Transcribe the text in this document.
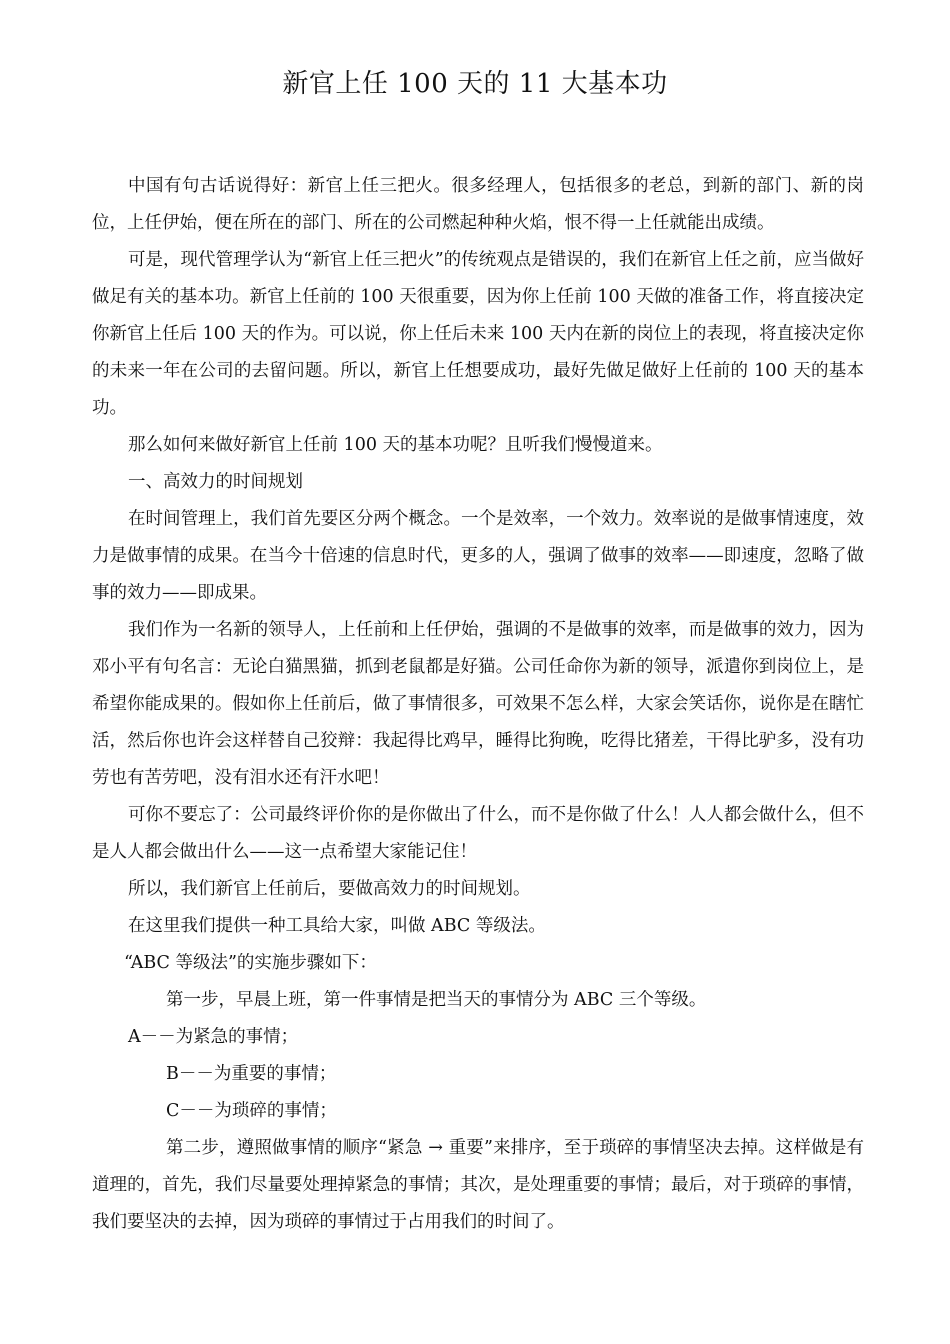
新官上任 100 天的 11 大基本功

中国有句古话说得好：新官上任三把火。很多经理人，包括很多的老总，到新的部门、新的岗位，上任伊始，便在所在的部门、所在的公司燃起种种火焰，恨不得一上任就能出成绩。

可是，现代管理学认为“新官上任三把火”的传统观点是错误的，我们在新官上任之前，应当做好做足有关的基本功。新官上任前的 100 天很重要，因为你上任前 100 天做的准备工作，将直接决定你新官上任后 100 天的作为。可以说，你上任后未来 100 天内在新的岗位上的表现，将直接决定你的未来一年在公司的去留问题。所以，新官上任想要成功，最好先做足做好上任前的 100 天的基本功。

那么如何来做好新官上任前 100 天的基本功呢？且听我们慢慢道来。

一、高效力的时间规划

在时间管理上，我们首先要区分两个概念。一个是效率，一个效力。效率说的是做事情速度，效力是做事情的成果。在当今十倍速的信息时代，更多的人，强调了做事的效率——即速度，忽略了做事的效力——即成果。

我们作为一名新的领导人，上任前和上任伊始，强调的不是做事的效率，而是做事的效力，因为邓小平有句名言：无论白猫黑猫，抓到老鼠都是好猫。公司任命你为新的领导，派遣你到岗位上，是希望你能成果的。假如你上任前后，做了事情很多，可效果不怎么样，大家会笑话你，说你是在瞎忙活，然后你也许会这样替自己狡辩：我起得比鸡早，睡得比狗晚，吃得比猪差，干得比驴多，没有功劳也有苦劳吧，没有泪水还有汗水吧！

可你不要忘了：公司最终评价你的是你做出了什么，而不是你做了什么！人人都会做什么，但不是人人都会做出什么——这一点希望大家能记住！

所以，我们新官上任前后，要做高效力的时间规划。

在这里我们提供一种工具给大家，叫做 ABC 等级法。

“ABC 等级法”的实施步骤如下：

第一步，早晨上班，第一件事情是把当天的事情分为 ABC 三个等级。

A－－为紧急的事情；

B－－为重要的事情；

C－－为琐碎的事情；

第二步，遵照做事情的顺序“紧急 → 重要”来排序，至于琐碎的事情坚决去掉。这样做是有道理的，首先，我们尽量要处理掉紧急的事情；其次，是处理重要的事情；最后，对于琐碎的事情，我们要坚决的去掉，因为琐碎的事情过于占用我们的时间了。
